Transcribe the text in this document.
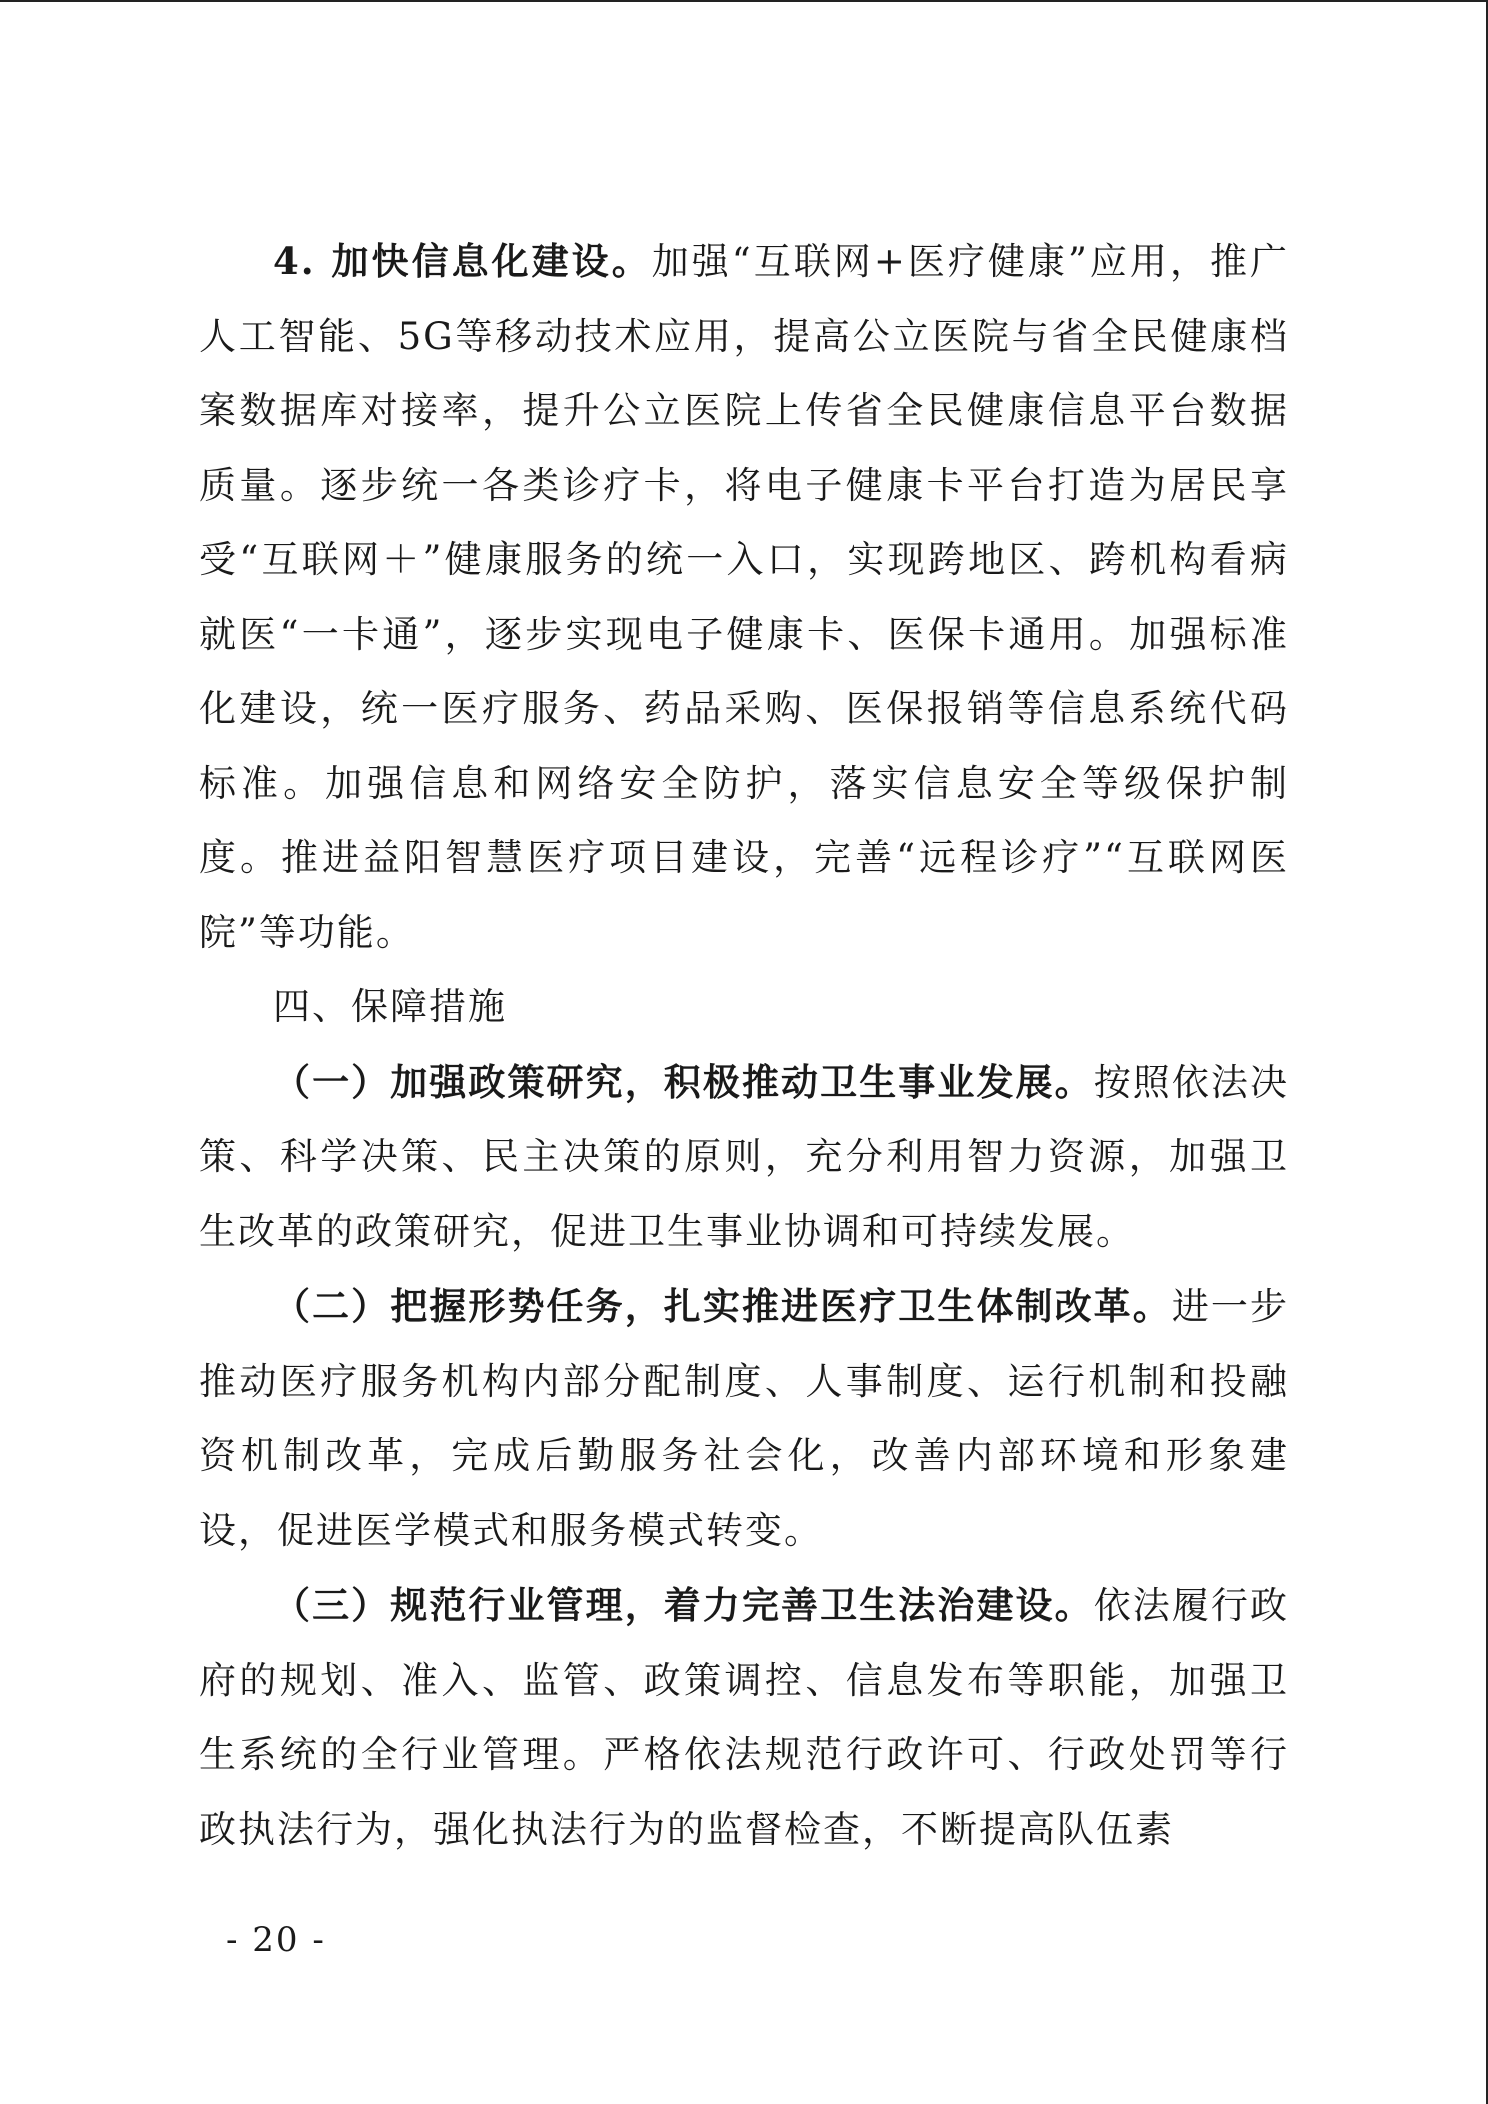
4. 加快信息化建设。加强“互联网+医疗健康”应用，推广人工智能、5G等移动技术应用，提高公立医院与省全民健康档案数据库对接率，提升公立医院上传省全民健康信息平台数据质量。逐步统一各类诊疗卡，将电子健康卡平台打造为居民享受“互联网＋”健康服务的统一入口，实现跨地区、跨机构看病就医“一卡通”，逐步实现电子健康卡、医保卡通用。加强标准化建设，统一医疗服务、药品采购、医保报销等信息系统代码标准。加强信息和网络安全防护，落实信息安全等级保护制度。推进益阳智慧医疗项目建设，完善“远程诊疗”“互联网医院”等功能。

四、保障措施

（一）加强政策研究，积极推动卫生事业发展。按照依法决策、科学决策、民主决策的原则，充分利用智力资源，加强卫生改革的政策研究，促进卫生事业协调和可持续发展。

（二）把握形势任务，扎实推进医疗卫生体制改革。进一步推动医疗服务机构内部分配制度、人事制度、运行机制和投融资机制改革，完成后勤服务社会化，改善内部环境和形象建设，促进医学模式和服务模式转变。

（三）规范行业管理，着力完善卫生法治建设。依法履行政府的规划、准入、监管、政策调控、信息发布等职能，加强卫生系统的全行业管理。严格依法规范行政许可、行政处罚等行政执法行为，强化执法行为的监督检查，不断提高队伍素

- 20 -
